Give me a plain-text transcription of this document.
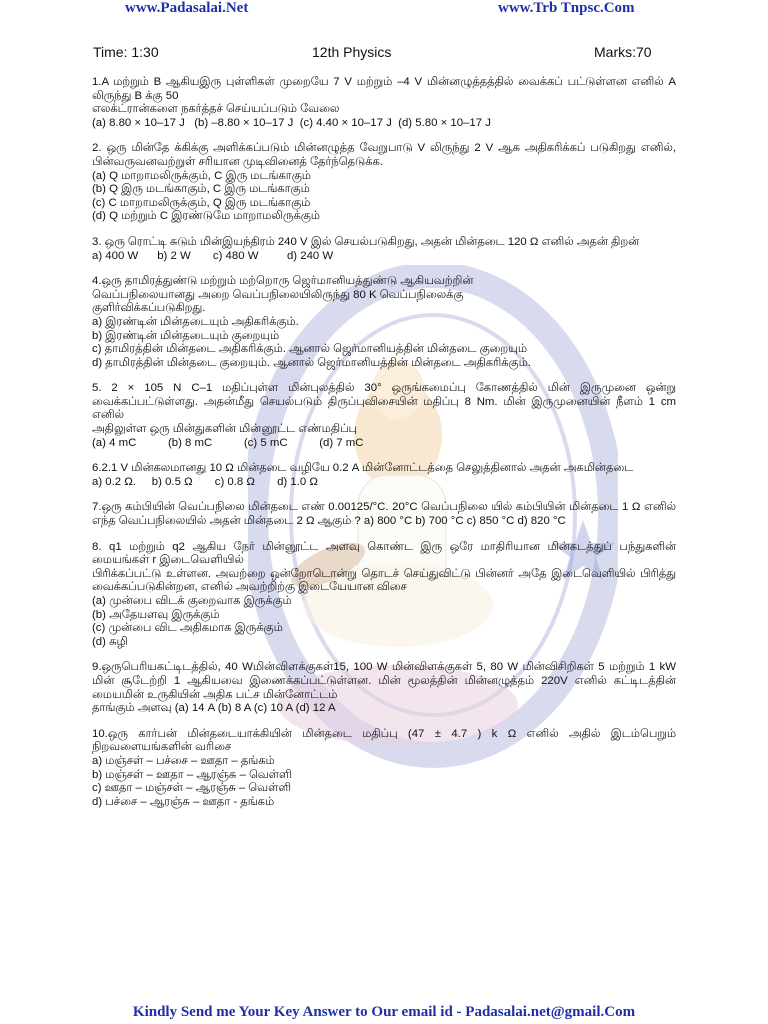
www.Padasalai.Net	www.Trb Tnpsc.Com
Time: 1:30	12th Physics	Marks:70

1.A மற்றும் B ஆகியஇரு புள்ளிகள் முறையே 7 V மற்றும் –4 V மின்னழுத்தத்தில் வைக்கப் பட்டுள்ளன எனில் A லிருந்து B க்கு 50

எலக்ட்ரான்களை நகர்த்தச் செய்யப்படும் வேலை

(a) 8.80 × 10–17 J   (b) –8.80 × 10–17 J  (c) 4.40 × 10–17 J  (d) 5.80 × 10–17 J

2. ஒரு மின்தே க்கிக்கு அளிக்கப்படும் மின்னழுத்த வேறுபாடு V லிருந்து 2 V ஆக அதிகரிக்கப் படுகிறது எனில், பின்வருவனவற்றுள் சரியான முடிவினைத் தேர்ந்தெடுக்க.

(a) Q மாறாமலிருக்கும், C இரு மடங்காகும்

(b) Q இரு மடங்காகும், C இரு மடங்காகும்

(c) C மாறாமலிருக்கும், Q இரு மடங்காகும்

(d) Q மற்றும் C இரண்டுமே மாறாமலிருக்கும்

3. ஒரு ரொட்டி சுடும் மின்இயந்திரம் 240 V இல் செயல்படுகிறது, அதன் மின்தடை 120 Ω எனில் அதன் திறன்

a) 400 W      b) 2 W       c) 480 W         d) 240 W

4.ஒரு தாமிரத்துண்டு மற்றும் மற்றொரு ஜெர்மானியத்துண்டு ஆகியவற்றின்

வெப்பநிலையானது அறை வெப்பநிலையிலிருந்து 80 K வெப்பநிலைக்கு

குளிர்விக்கப்படுகிறது.

a) இரண்டின் மின்தடையும் அதிகரிக்கும்.

b) இரண்டின் மின்தடையும் குறையும்

c) தாமிரத்தின் மின்தடை அதிகரிக்கும். ஆனால் ஜெர்மானியத்தின் மின்தடை குறையும்

d) தாமிரத்தின் மின்தடை குறையும். ஆனால் ஜெர்மானியத்தின் மின்தடை அதிகரிக்கும்.

5. 2 × 105 N C–1 மதிப்புள்ள மின்புலத்தில் 30° ஒருங்கமைப்பு கோணத்தில் மின் இருமுனை ஒன்று வைக்கப்பட்டுள்ளது. அதன்மீது செயல்படும் திருப்புவிசையின் மதிப்பு 8 Nm. மின் இருமுனையின் நீளம் 1 cm எனில்

அதிலுள்ள ஒரு மின்துகளின் மின்னூட்ட எண்மதிப்பு

(a) 4 mC          (b) 8 mC          (c) 5 mC          (d) 7 mC

6.2.1 V மின்கலமானது 10 Ω மின்தடை வழியே 0.2 A மின்னோட்டத்தை செலுத்தினால் அதன் அகமின்தடை

a) 0.2 Ω.     b) 0.5 Ω       c) 0.8 Ω       d) 1.0 Ω

7.ஒரு கம்பியின் வெப்பநிலை மின்தடை எண் 0.00125/°C. 20°C வெப்பநிலை யில் கம்பியின் மின்தடை 1 Ω எனில் எந்த வெப்பநிலையில் அதன் மின்தடை 2 Ω ஆகும் ? a) 800 °C b) 700 °C c) 850 °C d) 820 °C

8. q1 மற்றும் q2 ஆகிய நேர் மின்னூட்ட அளவு கொண்ட இரு ஒரே மாதிரியான மின்கடத்துப் பந்துகளின் மையங்கள் r இடைவெளியில்

பிரிக்கப்பட்டு உள்ளன. அவற்றை ஒன்றோடொன்று தொடச் செய்துவிட்டு பின்னர் அதே இடைவெளியில் பிரித்து வைக்கப்படுகின்றன, எனில் அவற்றிற்கு இடையேயான விசை

(a) முன்பை விடக் குறைவாக இருக்கும்

(b) அதேயளவு இருக்கும்

(c) முன்பை விட அதிகமாக இருக்கும்

(d) சுழி

9.ஒருபெரியகட்டிடத்தில், 40 Wமின்விளக்குகள்15, 100 W மின்விளக்குகள் 5, 80 W மின்விசிறிகள் 5 மற்றும் 1 kW மின் சூடேற்றி 1 ஆகியவை இணைக்கப்பட்டுள்ளன. மின் மூலத்தின் மின்னழுத்தம் 220V எனில் கட்டிடத்தின் மையமின் உருகியின் அதிக பட்ச மின்னோட்டம்

தாங்கும் அளவு (a) 14 A (b) 8 A (c) 10 A (d) 12 A

10.ஒரு கார்பன் மின்தடையாக்கியின் மின்தடை மதிப்பு (47 ± 4.7 ) k Ω எனில் அதில் இடம்பெறும் நிறவளையங்களின் வரிசை

a) மஞ்சள் – பச்சை – ஊதா – தங்கம்

b) மஞ்சள் – ஊதா – ஆரஞ்சு – வெள்ளி

c) ஊதா – மஞ்சள் – ஆரஞ்சு – வெள்ளி

d) பச்சை – ஆரஞ்சு – ஊதா - தங்கம்

Kindly Send me Your Key Answer to Our email id - Padasalai.net@gmail.Com
